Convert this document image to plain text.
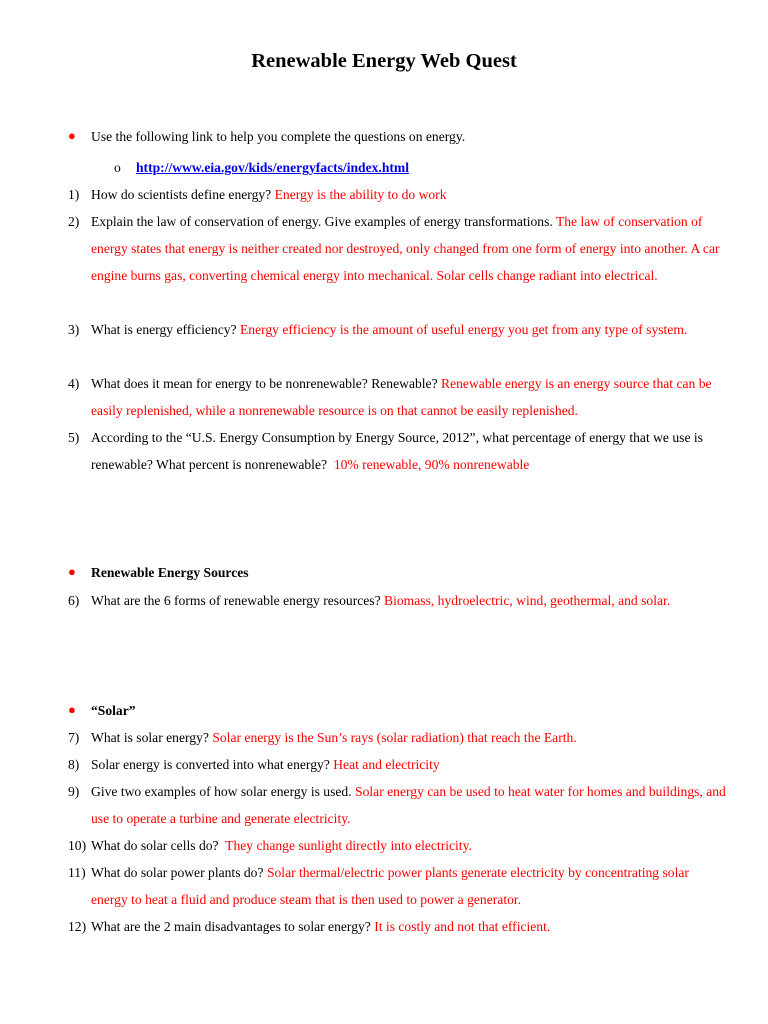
Renewable Energy Web Quest
● Use the following link to help you complete the questions on energy.
o http://www.eia.gov/kids/energyfacts/index.html
1) How do scientists define energy? Energy is the ability to do work
2) Explain the law of conservation of energy. Give examples of energy transformations. The law of conservation of energy states that energy is neither created nor destroyed, only changed from one form of energy into another. A car engine burns gas, converting chemical energy into mechanical. Solar cells change radiant into electrical.
3) What is energy efficiency? Energy efficiency is the amount of useful energy you get from any type of system.
4) What does it mean for energy to be nonrenewable? Renewable? Renewable energy is an energy source that can be easily replenished, while a nonrenewable resource is on that cannot be easily replenished.
5) According to the “U.S. Energy Consumption by Energy Source, 2012”, what percentage of energy that we use is renewable? What percent is nonrenewable? 10% renewable, 90% nonrenewable
● Renewable Energy Sources
6) What are the 6 forms of renewable energy resources? Biomass, hydroelectric, wind, geothermal, and solar.
● “Solar”
7) What is solar energy? Solar energy is the Sun’s rays (solar radiation) that reach the Earth.
8) Solar energy is converted into what energy? Heat and electricity
9) Give two examples of how solar energy is used. Solar energy can be used to heat water for homes and buildings, and use to operate a turbine and generate electricity.
10) What do solar cells do? They change sunlight directly into electricity.
11) What do solar power plants do? Solar thermal/electric power plants generate electricity by concentrating solar energy to heat a fluid and produce steam that is then used to power a generator.
12) What are the 2 main disadvantages to solar energy? It is costly and not that efficient.
